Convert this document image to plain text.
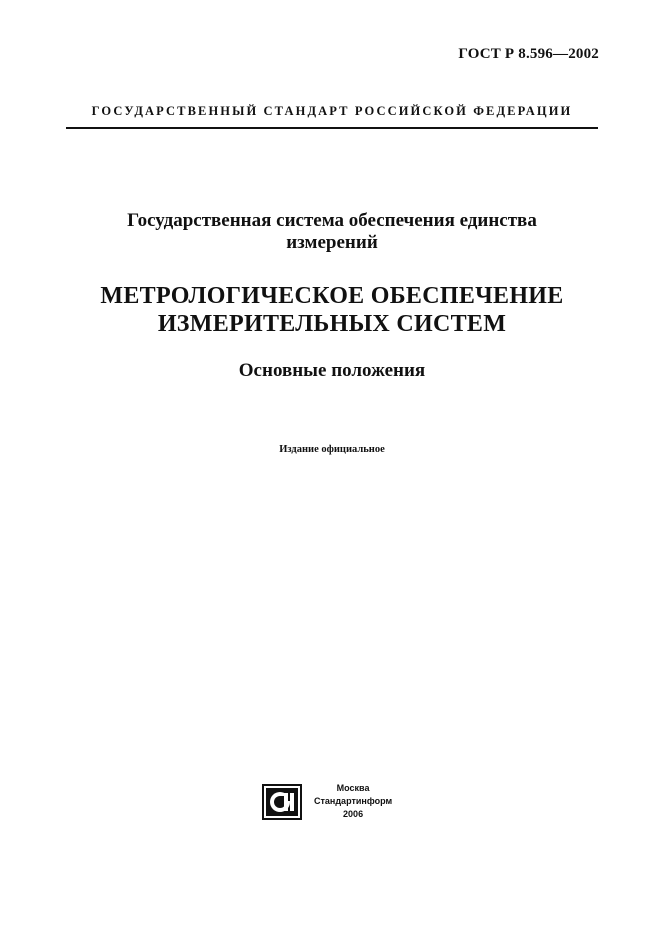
ГОСТ Р 8.596—2002
ГОСУДАРСТВЕННЫЙ СТАНДАРТ РОССИЙСКОЙ ФЕДЕРАЦИИ
Государственная система обеспечения единства
измерений
МЕТРОЛОГИЧЕСКОЕ ОБЕСПЕЧЕНИЕ
ИЗМЕРИТЕЛЬНЫХ СИСТЕМ
Основные положения
Издание официальное
Москва
Стандартинформ
2006
